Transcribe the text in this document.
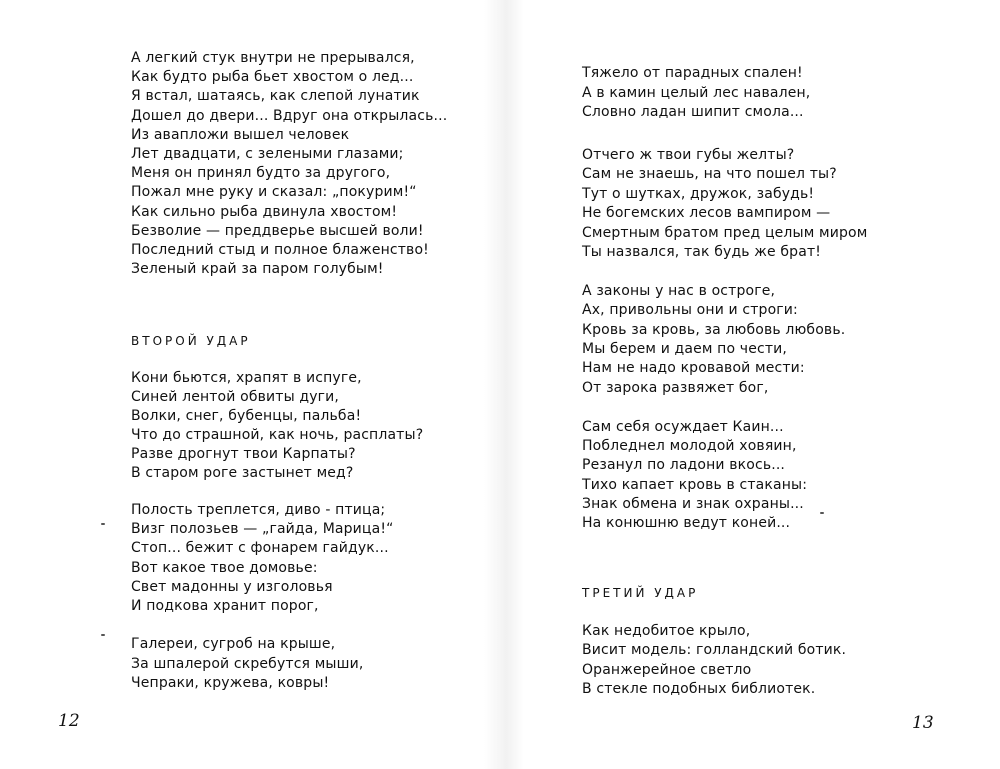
А легкий стук внутри не прерывался,
Как будто рыба бьет хвостом о лед...
Я встал, шатаясь, как слепой лунатик
Дошел до двери... Вдруг она открылась...
Из авапложи вышел человек
Лет двадцати, с зелеными глазами;
Меня он принял будто за другого,
Пожал мне руку и сказал: „покурим!“
Как сильно рыба двинула хвостом!
Безволие — преддверье высшей воли!
Последний стыд и полное блаженство!
Зеленый край за паром голубым!
ВТОРОЙ УДАР
Кони бьются, храпят в испуге,
Синей лентой обвиты дуги,
Волки, снег, бубенцы, пальба!
Что до страшной, как ночь, расплаты?
Разве дрогнут твои Карпаты?
В старом роге застынет мед?
Полость треплется, диво - птица;
Визг полозьев — „гайда, Марица!“
Стоп... бежит с фонарем гайдук...
Вот какое твое домовье:
Свет мадонны у изголовья
И подкова хранит порог,
Галереи, сугроб на крыше,
За шпалерой скребутся мыши,
Чепраки, кружева, ковры!
Тяжело от парадных спален!
А в камин целый лес навален,
Словно ладан шипит смола...
Отчего ж твои губы желты?
Сам не знаешь, на что пошел ты?
Тут о шутках, дружок, забудь!
Не богемских лесов вампиром —
Смертным братом пред целым миром
Ты назвался, так будь же брат!
А законы у нас в остроге,
Ах, привольны они и строги:
Кровь за кровь, за любовь любовь.
Мы берем и даем по чести,
Нам не надо кровавой мести:
От зарока развяжет бог,
Сам себя осуждает Каин...
Побледнел молодой ховяин,
Резанул по ладони вкось...
Тихо капает кровь в стаканы:
Знак обмена и знак охраны...
На конюшню ведут коней...
ТРЕТИЙ УДАР
Как недобитое крыло,
Висит модель: голландский ботик.
Оранжерейное светло
В стекле подобных библиотек.
12	13
